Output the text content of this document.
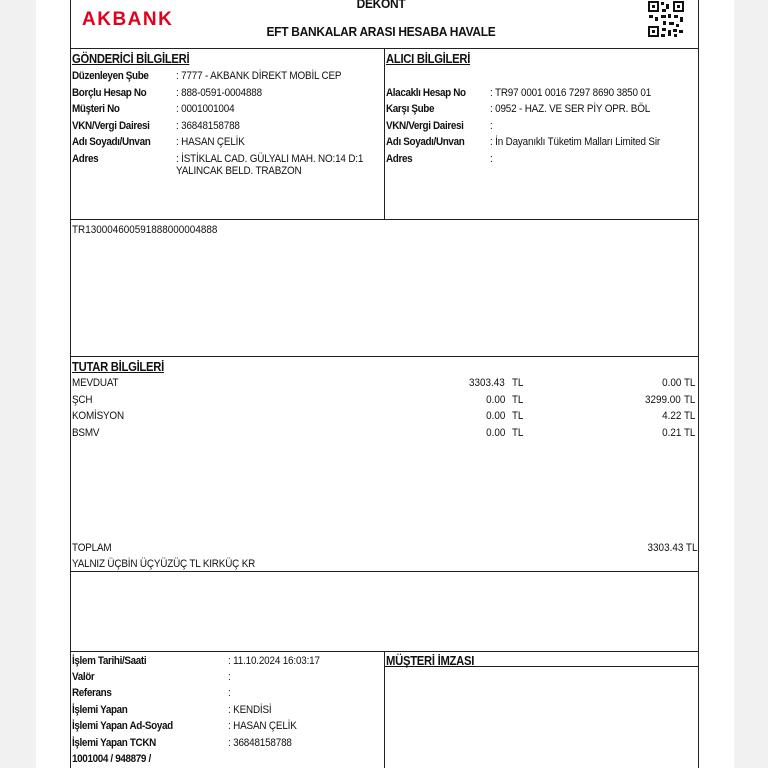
AKBANK
DEKONT
EFT BANKALAR ARASI HESABA HAVALE
GÖNDERİCİ BİLGİLERİ
Düzenleyen Şube : 7777 - AKBANK DİREKT MOBİL CEP
Borçlu Hesap No	: 888-0591-0004888
Müşteri No	: 0001001004
VKN/Vergi Dairesi : 36848158788
Adı Soyadı/Unvan : HASAN ÇELİK
Adres	: İSTİKLAL CAD. GÜLYALI MAH. NO:14 D:1
YALINCAK BELD. TRABZON
ALICI BİLGİLERİ
Alacaklı Hesap No : TR97 0001 0016 7297 8690 3850 01
Karşı Şube	: 0952 - HAZ. VE SER PİY OPR. BÖL
VKN/Vergi Dairesi :
Adı Soyadı/Unvan : İn Dayanıklı Tüketim Malları Limited Sir
Adres	:
TR130004600591888000004888
TUTAR BİLGİLERİ
MEVDUAT	3303.43 TL	0.00 TL
ŞCH	0.00 TL	3299.00 TL
KOMİSYON	0.00 TL	4.22 TL
BSMV	0.00 TL	0.21 TL
TOPLAM	3303.43 TL
YALNIZ ÜÇBİN ÜÇYÜZÜÇ TL KIRKÜÇ KR
İşlem Tarihi/Saati	: 11.10.2024 16:03:17
Valör	:
Referans	:
İşlemi Yapan	: KENDİSİ
İşlemi Yapan Ad-Soyad	: HASAN ÇELİK
İşlemi Yapan TCKN	: 36848158788
1001004 / 948879 /
MÜŞTERİ İMZASI
